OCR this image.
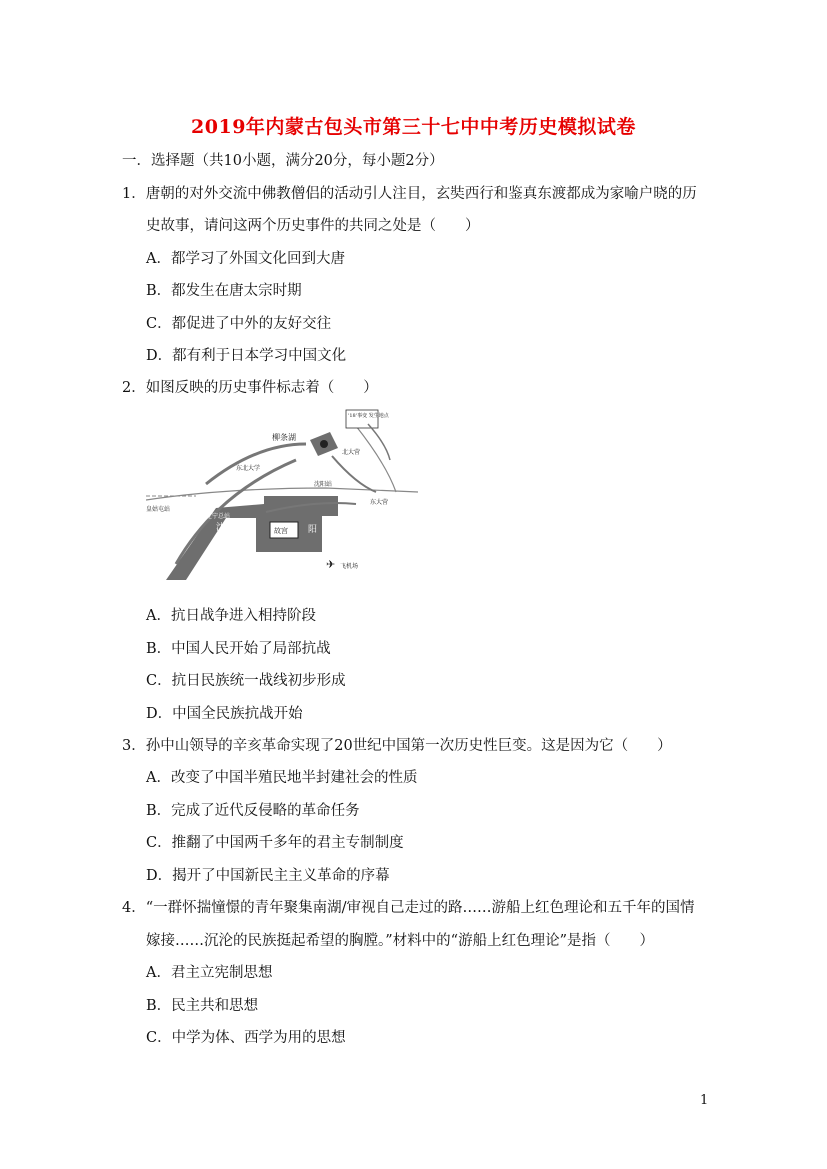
2019年内蒙古包头市第三十七中中考历史模拟试卷
一．选择题（共10小题，满分20分，每小题2分）
1．唐朝的对外交流中佛教僧侣的活动引人注目，玄奘西行和鉴真东渡都成为家喻户晓的历
史故事，请问这两个历史事件的共同之处是（　　）
A．都学习了外国文化回到大唐
B．都发生在唐太宗时期
C．都促进了中外的友好交往
D．都有利于日本学习中国文化
2．如图反映的历史事件标志着（　　）
✈
'18'事变 发生地点
柳条湖
北大营
东北大学
沈阳站
东大营
皇姑屯站
辽宁总站
沈	阳
故宫
飞机场
A．抗日战争进入相持阶段
B．中国人民开始了局部抗战
C．抗日民族统一战线初步形成
D．中国全民族抗战开始
3．孙中山领导的辛亥革命实现了20世纪中国第一次历史性巨变。这是因为它（　　）
A．改变了中国半殖民地半封建社会的性质
B．完成了近代反侵略的革命任务
C．推翻了中国两千多年的君主专制制度
D．揭开了中国新民主主义革命的序幕
4．“一群怀揣憧憬的青年聚集南湖/审视自己走过的路……游船上红色理论和五千年的国情
嫁接……沉沦的民族挺起希望的胸膛。”材料中的“游船上红色理论”是指（　　）
A．君主立宪制思想
B．民主共和思想
C．中学为体、西学为用的思想
1
